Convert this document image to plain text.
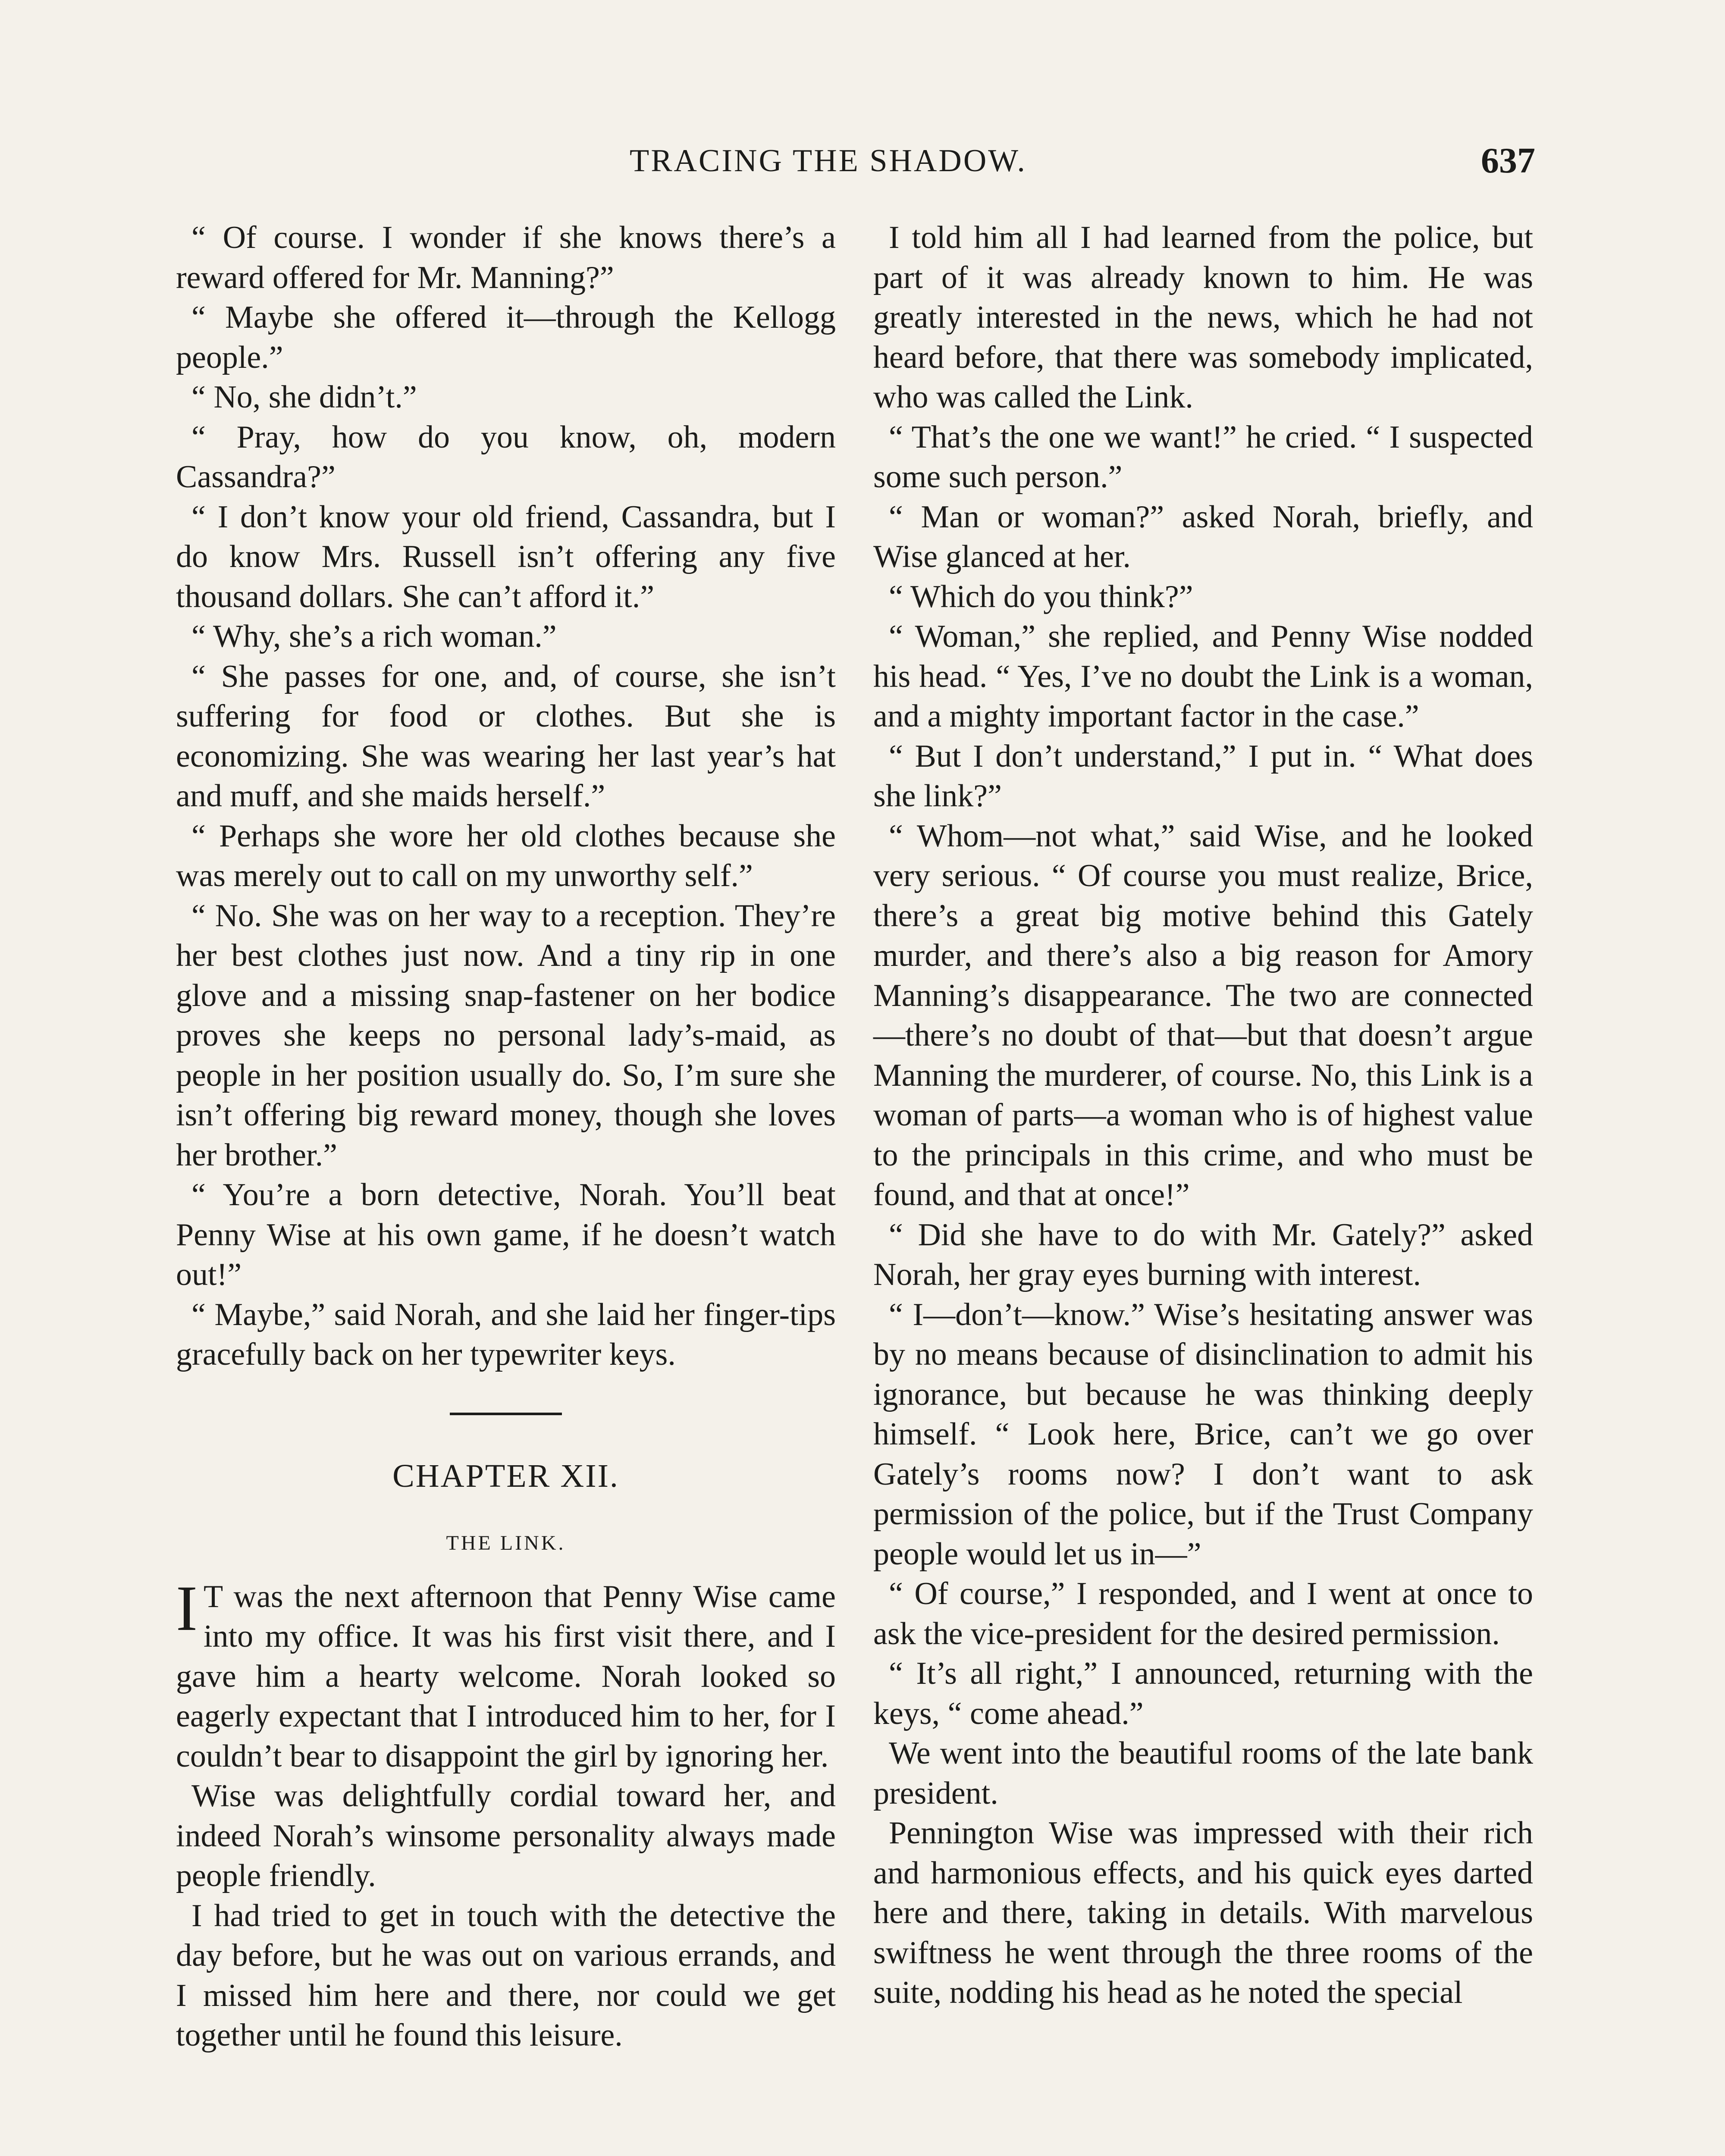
TRACING THE SHADOW.	637

“ Of course. I wonder if she knows there’s a reward offered for Mr. Manning?”

“ Maybe she offered it—through the Kellogg people.”

“ No, she didn’t.”

“ Pray, how do you know, oh, modern Cassandra?”

“ I don’t know your old friend, Cassandra, but I do know Mrs. Russell isn’t offering any five thousand dollars. She can’t afford it.”

“ Why, she’s a rich woman.”

“ She passes for one, and, of course, she isn’t suffering for food or clothes. But she is economizing. She was wearing her last year’s hat and muff, and she maids herself.”

“ Perhaps she wore her old clothes because she was merely out to call on my unworthy self.”

“ No. She was on her way to a reception. They’re her best clothes just now. And a tiny rip in one glove and a missing snap-fastener on her bodice proves she keeps no personal lady’s-maid, as people in her position usually do. So, I’m sure she isn’t offering big reward money, though she loves her brother.”

“ You’re a born detective, Norah. You’ll beat Penny Wise at his own game, if he doesn’t watch out!”

“ Maybe,” said Norah, and she laid her finger-tips gracefully back on her typewriter keys.

CHAPTER XII.
THE LINK.

I T was the next afternoon that Penny Wise came into my office. It was his first visit there, and I gave him a hearty welcome. Norah looked so eagerly expectant that I introduced him to her, for I couldn’t bear to disappoint the girl by ignoring her.

Wise was delightfully cordial toward her, and indeed Norah’s winsome personality always made people friendly.

I had tried to get in touch with the detective the day before, but he was out on various errands, and I missed him here and there, nor could we get together until he found this leisure.

I told him all I had learned from the police, but part of it was already known to him. He was greatly interested in the news, which he had not heard before, that there was somebody implicated, who was called the Link.

“ That’s the one we want!” he cried. “ I suspected some such person.”

“ Man or woman?” asked Norah, briefly, and Wise glanced at her.

“ Which do you think?”

“ Woman,” she replied, and Penny Wise nodded his head. “ Yes, I’ve no doubt the Link is a woman, and a mighty important factor in the case.”

“ But I don’t understand,” I put in. “ What does she link?”

“ Whom—not what,” said Wise, and he looked very serious. “ Of course you must realize, Brice, there’s a great big motive behind this Gately murder, and there’s also a big reason for Amory Manning’s disappearance. The two are connected—there’s no doubt of that—but that doesn’t argue Manning the murderer, of course. No, this Link is a woman of parts—a woman who is of highest value to the principals in this crime, and who must be found, and that at once!”

“ Did she have to do with Mr. Gately?” asked Norah, her gray eyes burning with interest.

“ I—don’t—know.” Wise’s hesitating answer was by no means because of disinclination to admit his ignorance, but because he was thinking deeply himself. “ Look here, Brice, can’t we go over Gately’s rooms now? I don’t want to ask permission of the police, but if the Trust Company people would let us in—”

“ Of course,” I responded, and I went at once to ask the vice-president for the desired permission.

“ It’s all right,” I announced, returning with the keys, “ come ahead.”

We went into the beautiful rooms of the late bank president.

Pennington Wise was impressed with their rich and harmonious effects, and his quick eyes darted here and there, taking in details. With marvelous swiftness he went through the three rooms of the suite, nodding his head as he noted the special
